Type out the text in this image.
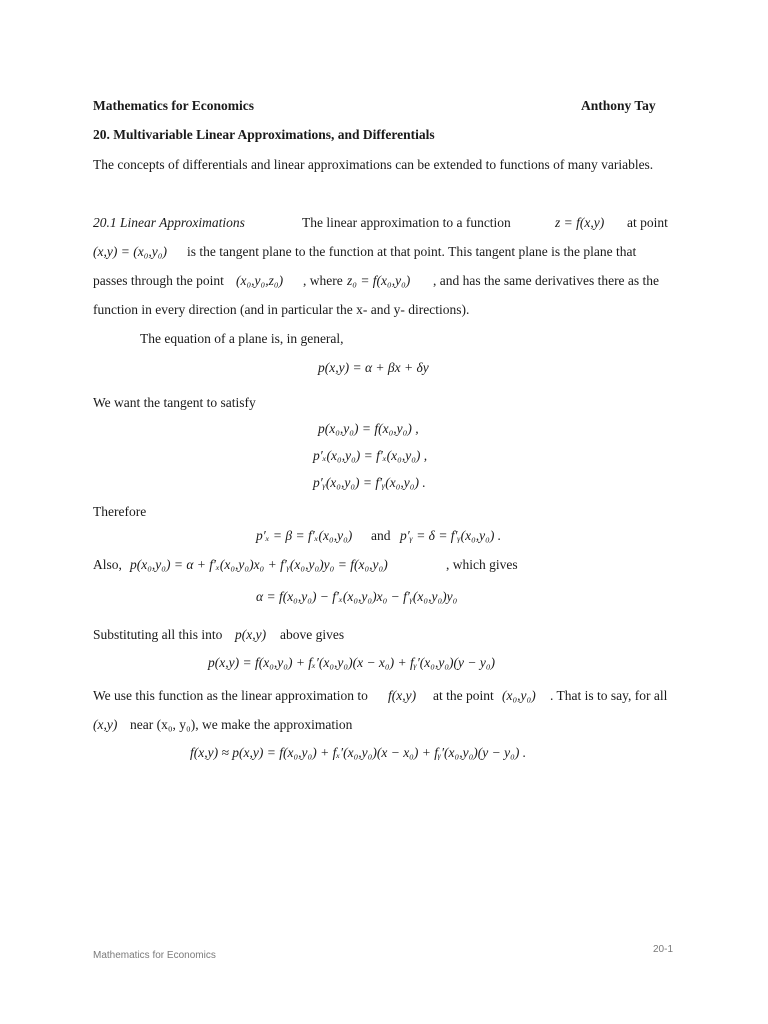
Mathematics for Economics	Anthony Tay
20. Multivariable Linear Approximations, and Differentials
The concepts of differentials and linear approximations can be extended to functions of many variables.
20.1 Linear Approximations	The linear approximation to a function	z = f(x,y) at point
(x,y) = (x₀,y₀) is the tangent plane to the function at that point. This tangent plane is the plane that
passes through the point (x₀,y₀,z₀) , where z₀ = f(x₀,y₀) , and has the same derivatives there as the
function in every direction (and in particular the x- and y- directions).
The equation of a plane is, in general,
p(x,y) = α + βx + δy
We want the tangent to satisfy
p(x₀,y₀) = f(x₀,y₀) ,
p′ₓ(x₀,y₀) = f′ₓ(x₀,y₀) ,
p′ᵧ(x₀,y₀) = f′ᵧ(x₀,y₀) .
Therefore
p′ₓ = β = f′ₓ(x₀,y₀) and p′ᵧ = δ = f′ᵧ(x₀,y₀) .
Also, p(x₀,y₀) = α + f′ₓ(x₀,y₀)x₀ + f′ᵧ(x₀,y₀)y₀ = f(x₀,y₀)	, which gives
α = f(x₀,y₀) − f′ₓ(x₀,y₀)x₀ − f′ᵧ(x₀,y₀)y₀
Substituting all this into p(x,y) above gives
p(x,y) = f(x₀,y₀) + fₓ′(x₀,y₀)(x − x₀) + fᵧ′(x₀,y₀)(y − y₀)
We use this function as the linear approximation to f(x,y) at the point (x₀,y₀) . That is to say, for all
(x,y) near (x₀, y₀), we make the approximation
f(x,y) ≈ p(x,y) = f(x₀,y₀) + fₓ′(x₀,y₀)(x − x₀) + fᵧ′(x₀,y₀)(y − y₀) .
20-1
Mathematics for Economics
